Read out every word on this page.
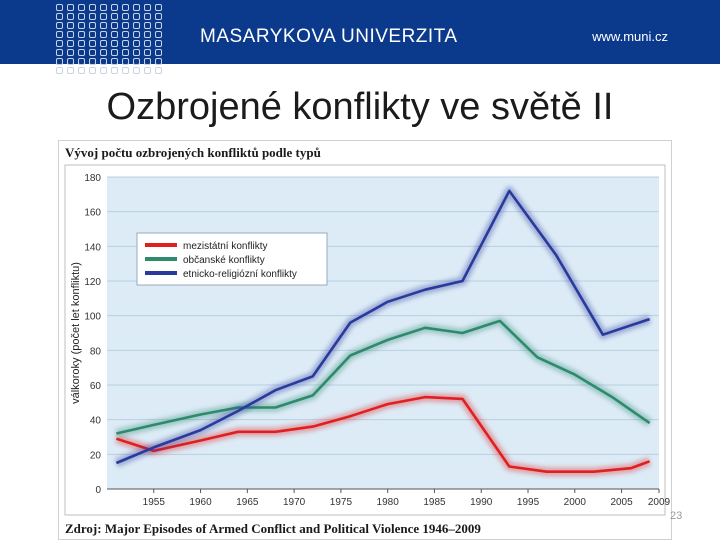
MASARYKOVA UNIVERZITA	www.muni.cz
Ozbrojené konflikty ve světě II
Vývoj počtu ozbrojených konfliktů podle typů
válkoroky (počet let konfliktu)
0
20
40
60
80
100
120
140
160
180
1955 1960 1965 1970 1975 1980 1985 1990 1995 2000 2005 2009
mezistátní konflikty
občanské konflikty
etnicko-religiózní konflikty
Zdroj: Major Episodes of Armed Conflict and Political Violence 1946–2009
23
